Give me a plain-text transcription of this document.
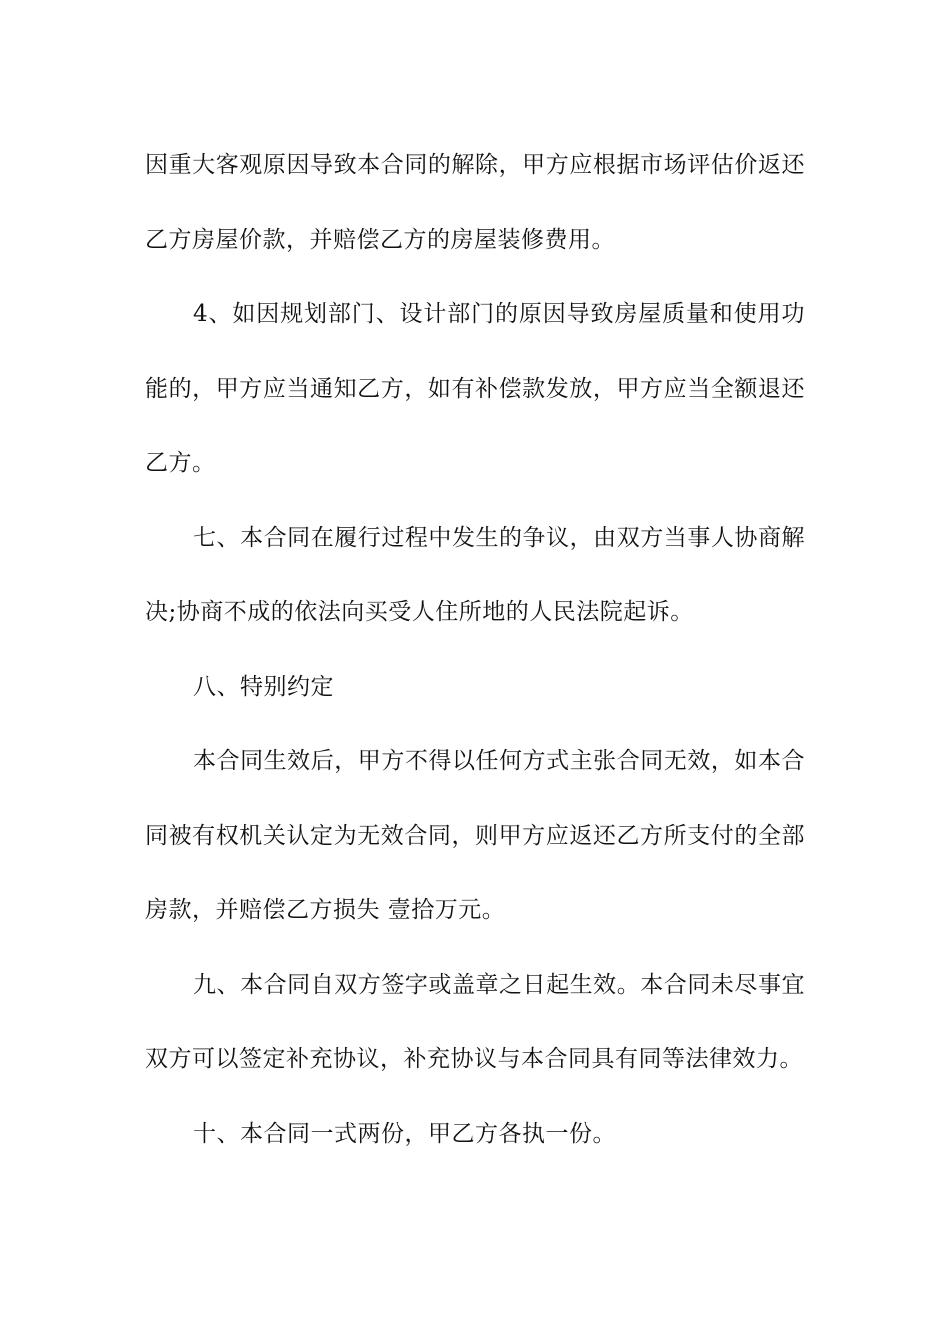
因重大客观原因导致本合同的解除，甲方应根据市场评估价返还乙方房屋价款，并赔偿乙方的房屋装修费用。

4、如因规划部门、设计部门的原因导致房屋质量和使用功能的，甲方应当通知乙方，如有补偿款发放，甲方应当全额退还乙方。

七、本合同在履行过程中发生的争议，由双方当事人协商解决;协商不成的依法向买受人住所地的人民法院起诉。

八、特别约定

本合同生效后，甲方不得以任何方式主张合同无效，如本合同被有权机关认定为无效合同，则甲方应返还乙方所支付的全部房款，并赔偿乙方损失 壹拾万元。

九、本合同自双方签字或盖章之日起生效。本合同未尽事宜双方可以签定补充协议，补充协议与本合同具有同等法律效力。

十、本合同一式两份，甲乙方各执一份。
